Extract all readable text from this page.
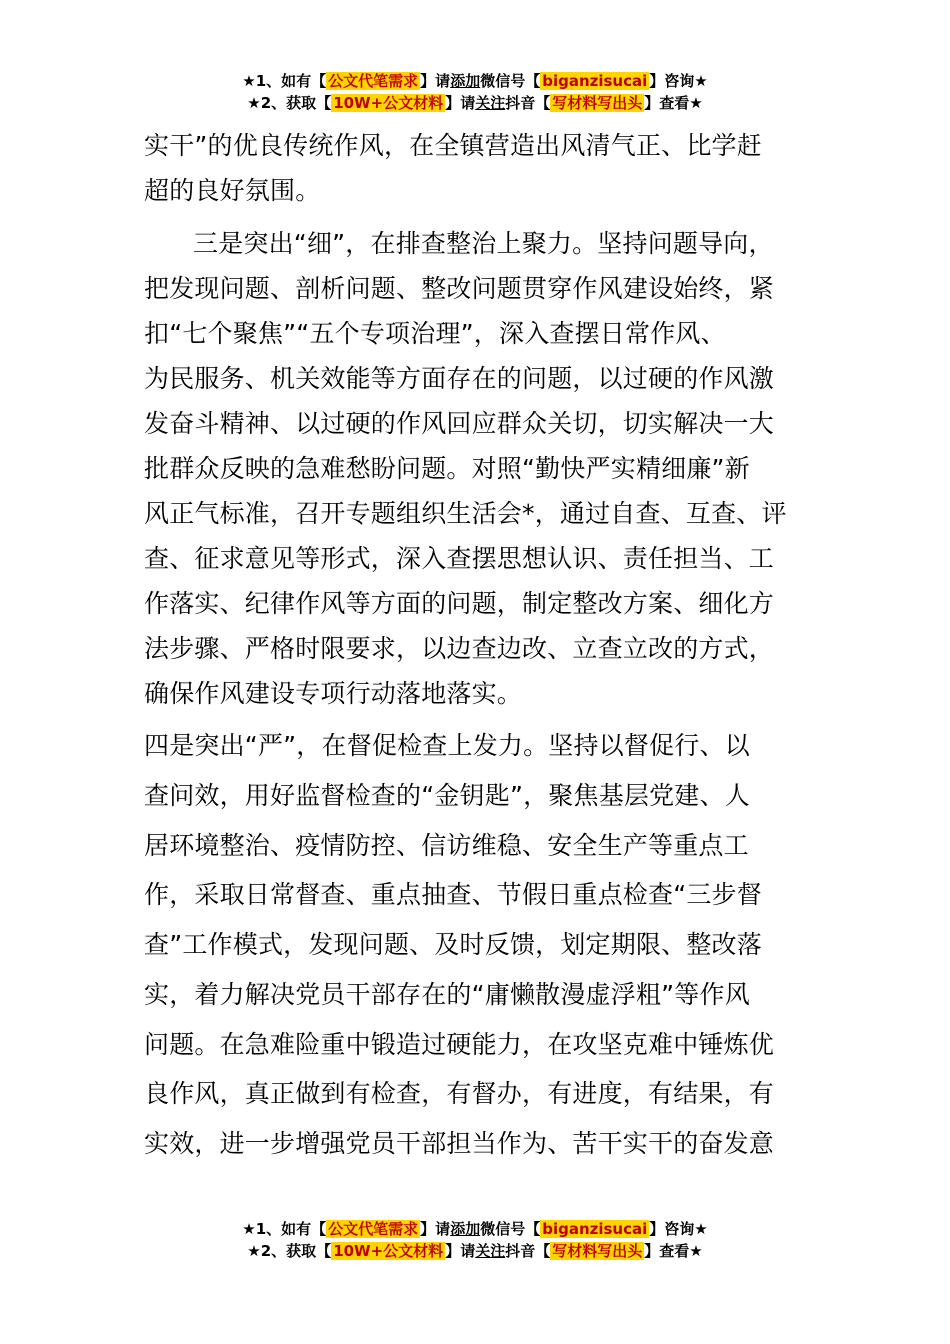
★1、如有【 公文代笔需求 】请添加微信号【 biganzisucai 】咨询★
★2、获取【 10W+公文材料 】请关注抖音【 写材料写出头 】查看★
实干”的优良传统作风，在全镇营造出风清气正、比学赶
超的良好氛围。
三是突出“细”，在排查整治上聚力。坚持问题导向，
把发现问题、剖析问题、整改问题贯穿作风建设始终，紧
扣“七个聚焦”“五个专项治理”，深入查摆日常作风、
为民服务、机关效能等方面存在的问题，以过硬的作风激
发奋斗精神、以过硬的作风回应群众关切，切实解决一大
批群众反映的急难愁盼问题。对照“勤快严实精细廉”新
风正气标准，召开专题组织生活会*，通过自查、互查、评
查、征求意见等形式，深入查摆思想认识、责任担当、工
作落实、纪律作风等方面的问题，制定整改方案、细化方
法步骤、严格时限要求，以边查边改、立查立改的方式，
确保作风建设专项行动落地落实。
四是突出“严”，在督促检查上发力。坚持以督促行、以
查问效，用好监督检查的“金钥匙”，聚焦基层党建、人
居环境整治、疫情防控、信访维稳、安全生产等重点工
作，采取日常督查、重点抽查、节假日重点检查“三步督
查”工作模式，发现问题、及时反馈，划定期限、整改落
实，着力解决党员干部存在的“庸懒散漫虚浮粗”等作风
问题。在急难险重中锻造过硬能力，在攻坚克难中锤炼优
良作风，真正做到有检查，有督办，有进度，有结果，有
实效，进一步增强党员干部担当作为、苦干实干的奋发意
★1、如有【 公文代笔需求 】请添加微信号【 biganzisucai 】咨询★
★2、获取【 10W+公文材料 】请关注抖音【 写材料写出头 】查看★
